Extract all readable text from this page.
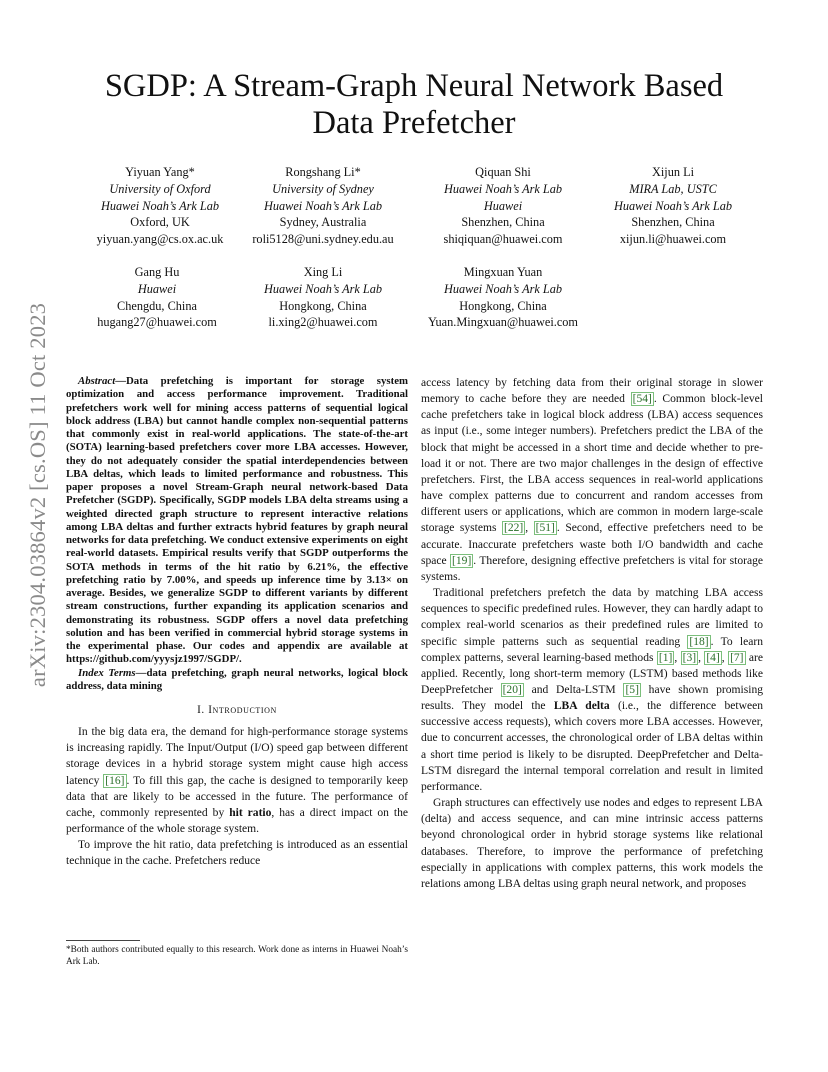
arXiv:2304.03864v2 [cs.OS] 11 Oct 2023
SGDP: A Stream-Graph Neural Network Based
Data Prefetcher
Yiyuan Yang*
University of Oxford
Huawei Noah’s Ark Lab
Oxford, UK
yiyuan.yang@cs.ox.ac.uk
Rongshang Li*
University of Sydney
Huawei Noah’s Ark Lab
Sydney, Australia
roli5128@uni.sydney.edu.au
Qiquan Shi
Huawei Noah’s Ark Lab
Huawei
Shenzhen, China
shiqiquan@huawei.com
Xijun Li
MIRA Lab, USTC
Huawei Noah’s Ark Lab
Shenzhen, China
xijun.li@huawei.com
Gang Hu
Huawei
Chengdu, China
hugang27@huawei.com
Xing Li
Huawei Noah’s Ark Lab
Hongkong, China
li.xing2@huawei.com
Mingxuan Yuan
Huawei Noah’s Ark Lab
Hongkong, China
Yuan.Mingxuan@huawei.com

Abstract—Data prefetching is important for storage system optimization and access performance improvement. Traditional prefetchers work well for mining access patterns of sequential logical block address (LBA) but cannot handle complex non-sequential patterns that commonly exist in real-world applications. The state-of-the-art (SOTA) learning-based prefetchers cover more LBA accesses. However, they do not adequately consider the spatial interdependencies between LBA deltas, which leads to limited performance and robustness. This paper proposes a novel Stream-Graph neural network-based Data Prefetcher (SGDP). Specifically, SGDP models LBA delta streams using a weighted directed graph structure to represent interactive relations among LBA deltas and further extracts hybrid features by graph neural networks for data prefetching. We conduct extensive experiments on eight real-world datasets. Empirical results verify that SGDP outperforms the SOTA methods in terms of the hit ratio by 6.21%, the effective prefetching ratio by 7.00%, and speeds up inference time by 3.13× on average. Besides, we generalize SGDP to different variants by different stream constructions, further expanding its application scenarios and demonstrating its robustness. SGDP offers a novel data prefetching solution and has been verified in commercial hybrid storage systems in the experimental phase. Our codes and appendix are available at https://github.com/yyysjz1997/SGDP/.

Index Terms—data prefetching, graph neural networks, logical block address, data mining

I. Introduction

In the big data era, the demand for high-performance storage systems is increasing rapidly. The Input/Output (I/O) speed gap between different storage devices in a hybrid storage system might cause high access latency [16] . To fill this gap, the cache is designed to temporarily keep data that are likely to be accessed in the future. The performance of cache, commonly represented by hit ratio, has a direct impact on the performance of the whole storage system.

To improve the hit ratio, data prefetching is introduced as an essential technique in the cache. Prefetchers reduce

*Both authors contributed equally to this research. Work done as interns in Huawei Noah’s Ark Lab.

access latency by fetching data from their original storage in slower memory to cache before they are needed [54] . Common block-level cache prefetchers take in logical block address (LBA) access sequences as input (i.e., some integer numbers). Prefetchers predict the LBA of the block that might be accessed in a short time and decide whether to pre-load it or not. There are two major challenges in the design of effective prefetchers. First, the LBA access sequences in real-world applications have complex patterns due to concurrent and random accesses from different users or applications, which are common in modern large-scale storage systems [22] , [51] . Second, effective prefetchers need to be accurate. Inaccurate prefetchers waste both I/O bandwidth and cache space [19] . Therefore, designing effective prefetchers is vital for storage systems.

Traditional prefetchers prefetch the data by matching LBA access sequences to specific predefined rules. However, they can hardly adapt to complex real-world scenarios as their predefined rules are limited to specific simple patterns such as sequential reading [18] . To learn complex patterns, several learning-based methods [1] , [3] , [4] , [7] are applied. Recently, long short-term memory (LSTM) based methods like DeepPrefetcher [20] and Delta-LSTM [5] have shown promising results. They model the LBA delta (i.e., the difference between successive access requests), which covers more LBA accesses. However, due to concurrent accesses, the chronological order of LBA deltas within a short time period is likely to be disrupted. DeepPrefetcher and Delta-LSTM disregard the internal temporal correlation and result in limited performance.

Graph structures can effectively use nodes and edges to represent LBA (delta) and access sequence, and can mine intrinsic access patterns beyond chronological order in hybrid storage systems like relational databases. Therefore, to improve the performance of prefetching especially in applications with complex patterns, this work models the relations among LBA deltas using graph neural network, and proposes
